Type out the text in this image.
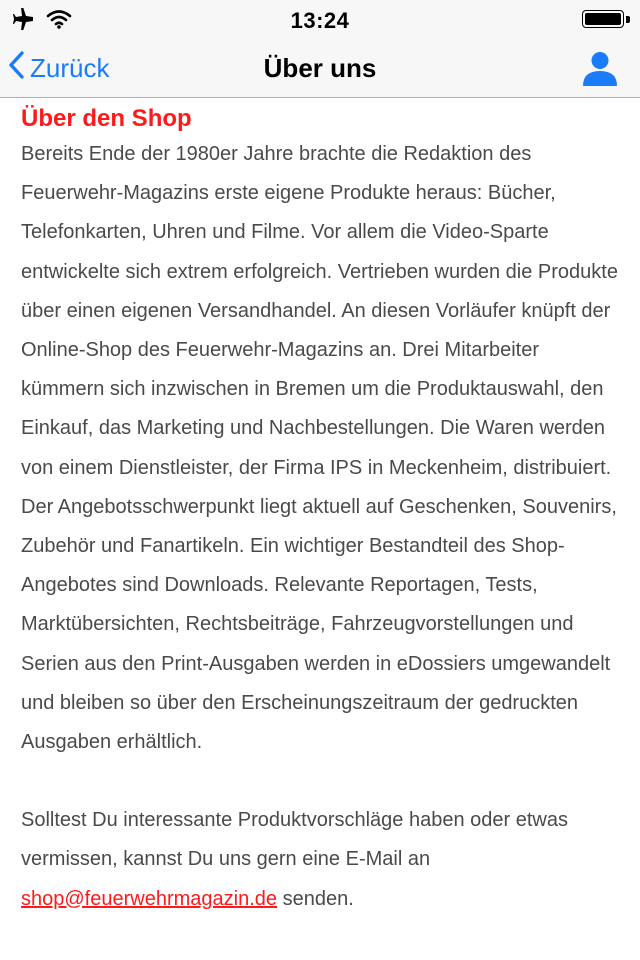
13:24
Zurück	Über uns
Über den Shop

Bereits Ende der 1980er Jahre brachte die Redaktion des Feuerwehr-Magazins erste eigene Produkte heraus: Bücher, Telefonkarten, Uhren und Filme. Vor allem die Video-Sparte entwickelte sich extrem erfolgreich. Vertrieben wurden die Produkte über einen eigenen Versandhandel. An diesen Vorläufer knüpft der Online-Shop des Feuerwehr-Magazins an. Drei Mitarbeiter kümmern sich inzwischen in Bremen um die Produktauswahl, den Einkauf, das Marketing und Nachbestellungen. Die Waren werden von einem Dienstleister, der Firma IPS in Meckenheim, distribuiert. Der Angebotsschwerpunkt liegt aktuell auf Geschenken, Souvenirs, Zubehör und Fanartikeln. Ein wichtiger Bestandteil des Shop-Angebotes sind Downloads. Relevante Reportagen, Tests, Marktübersichten, Rechtsbeiträge, Fahrzeugvorstellungen und Serien aus den Print-Ausgaben werden in eDossiers umgewandelt und bleiben so über den Erscheinungszeitraum der gedruckten Ausgaben erhältlich.

Solltest Du interessante Produktvorschläge haben oder etwas vermissen, kannst Du uns gern eine E-Mail an shop@feuerwehrmagazin.de senden.
